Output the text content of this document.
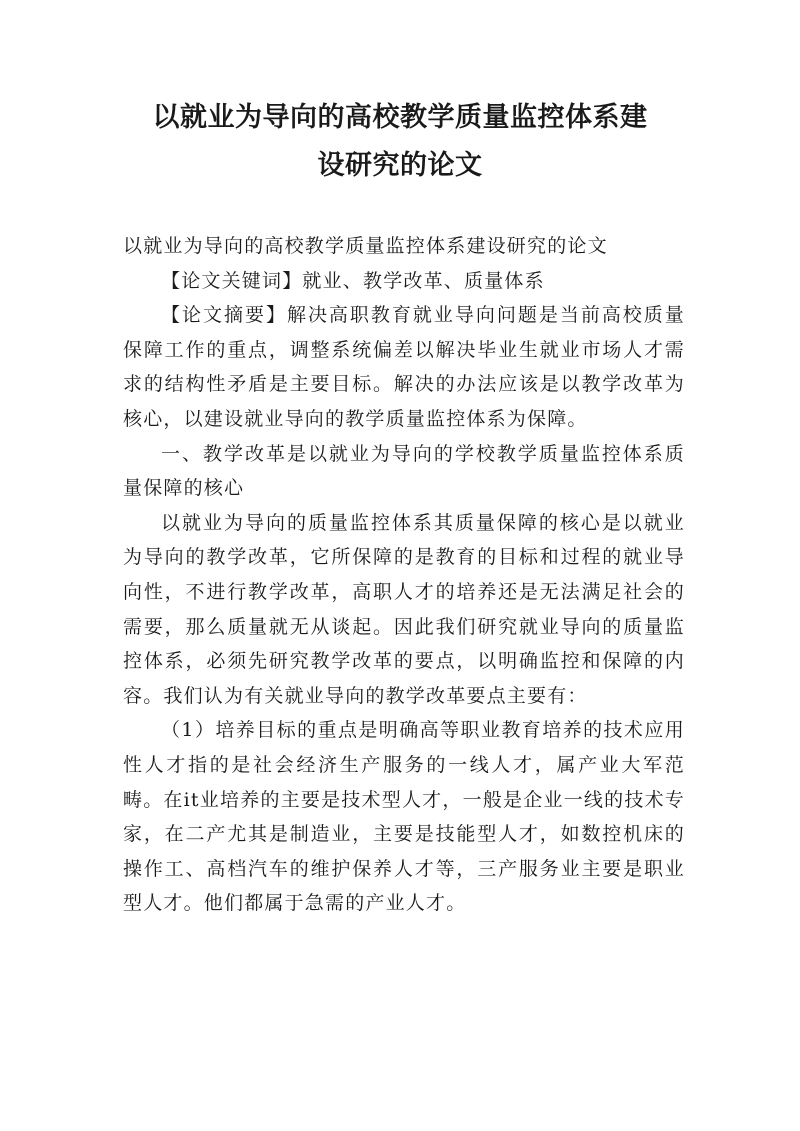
以就业为导向的高校教学质量监控体系建
设研究的论文

以就业为导向的高校教学质量监控体系建设研究的论文

【论文关键词】就业、教学改革、质量体系

【论文摘要】解决高职教育就业导向问题是当前高校质量保障工作的重点，调整系统偏差以解决毕业生就业市场人才需求的结构性矛盾是主要目标。解决的办法应该是以教学改革为核心，以建设就业导向的教学质量监控体系为保障。

一、教学改革是以就业为导向的学校教学质量监控体系质量保障的核心

以就业为导向的质量监控体系其质量保障的核心是以就业为导向的教学改革，它所保障的是教育的目标和过程的就业导向性，不进行教学改革，高职人才的培养还是无法满足社会的需要，那么质量就无从谈起。因此我们研究就业导向的质量监控体系，必须先研究教学改革的要点，以明确监控和保障的内容。我们认为有关就业导向的教学改革要点主要有：

（1）培养目标的重点是明确高等职业教育培养的技术应用性人才指的是社会经济生产服务的一线人才，属产业大军范畴。在it业培养的主要是技术型人才，一般是企业一线的技术专家，在二产尤其是制造业，主要是技能型人才，如数控机床的操作工、高档汽车的维护保养人才等，三产服务业主要是职业型人才。他们都属于急需的产业人才。
